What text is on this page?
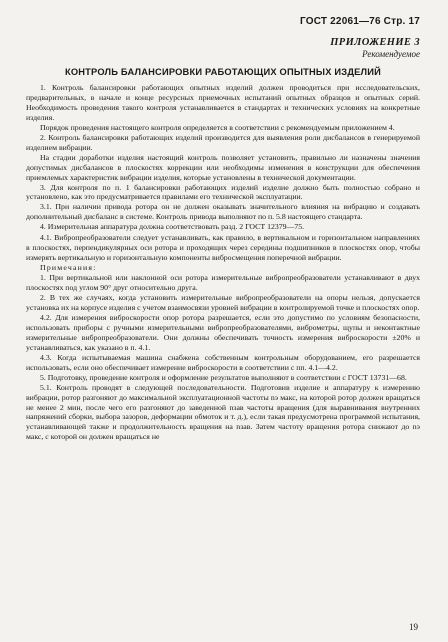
ГОСТ 22061—76 Стр. 17
ПРИЛОЖЕНИЕ 3
Рекомендуемое
КОНТРОЛЬ БАЛАНСИРОВКИ РАБОТАЮЩИХ ОПЫТНЫХ ИЗДЕЛИЙ

1. Контроль балансировки работающих опытных изделий должен проводиться при исследовательских, предварительных, в начале и конце ресурсных приемочных испытаний опытных образцов и опытных серий. Необходимость проведения такого контроля устанавливается в стандартах и технических условиях на конкретные изделия.

Порядок проведения настоящего контроля определяется в соответствии с рекомендуемым приложением 4.

2. Контроль балансировки работающих изделий производится для выявления роли дисбалансов в генерируемой изделием вибрации.

На стадии доработки изделия настоящий контроль позволяет установить, правильно ли назначены значения допустимых дисбалансов в плоскостях коррекции или необходимы изменения в конструкции для обеспечения приемлемых характеристик вибрации изделия, которые установлены в технической документации.

3. Для контроля по п. 1 балансировки работающих изделий изделие должно быть полностью собрано и установлено, как это предусматривается правилами его технической эксплуатации.

3.1. При наличии привода ротора он не должен оказывать значительного влияния на вибрацию и создавать дополнительный дисбаланс в системе. Контроль привода выполняют по п. 5.8 настоящего стандарта.

4. Измерительная аппаратура должна соответствовать разд. 2 ГОСТ 12379—75.

4.1. Вибропреобразователи следует устанавливать, как правило, в вертикальном и горизонтальном направлениях в плоскостях, перпендикулярных оси ротора и проходящих через середины подшипников в плоскостях опор, чтобы измерять вертикальную и горизонтальную компоненты вибросмещения поперечной вибрации.

Примечания:

1. При вертикальной или наклонной оси ротора измерительные вибропреобразователи устанавливают в двух плоскостях под углом 90° друг относительно друга.

2. В тех же случаях, когда установить измерительные вибропреобразователи на опоры нельзя, допускается установка их на корпусе изделия с учетом взаимосвязи уровней вибрации в контролируемой точке и плоскостях опор.

4.2. Для измерения виброскорости опор ротора разрешается, если это допустимо по условиям безопасности, использовать приборы с ручными измерительными вибропреобразователями, виброметры, щупы и неконтактные измерительные вибропреобразователи. Они должны обеспечивать точность измерения виброскорости ±20% и устанавливаться, как указано в п. 4.1.

4.3. Когда испытываемая машина снабжена собственным контрольным оборудованием, его разрешается использовать, если оно обеспечивает измерение виброскорости в соответствии с пп. 4.1—4.2.

5. Подготовку, проведение контроля и оформление результатов выполняют в соответствии с ГОСТ 13731—68.

5.1. Контроль проводят в следующей последовательности. Подготовив изделие и аппаратуру к измерению вибрации, ротор разгоняют до максимальной эксплуатационной частоты nэ макс, на которой ротор должен вращаться не менее 2 мин, после чего его разгоняют до заведенной nзав частоты вращения (для выравнивания внутренних напряжений сборки, выбора зазоров, деформации обмоток и т. д.), если такая предусмотрена программой испытания, устанавливающей также и продолжительность вращения на nзав. Затем частоту вращения ротора снижают до nэ макс, с которой он должен вращаться не

19
